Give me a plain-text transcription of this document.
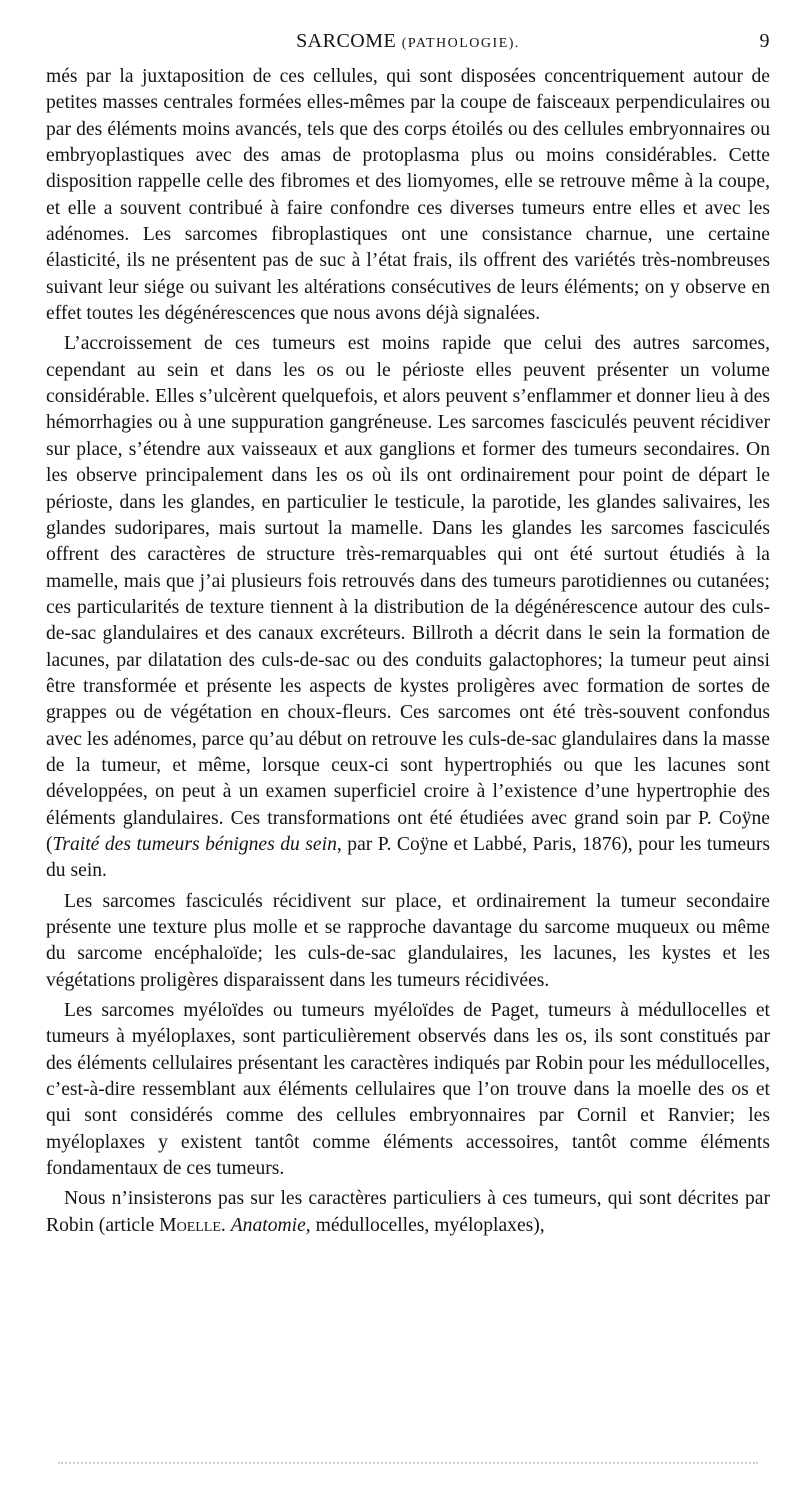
SARCOME (PATHOLOGIE).	9

més par la juxtaposition de ces cellules, qui sont disposées concentriquement autour de petites masses centrales formées elles-mêmes par la coupe de faisceaux perpendiculaires ou par des éléments moins avancés, tels que des corps étoilés ou des cellules embryonnaires ou embryoplastiques avec des amas de protoplasma plus ou moins considérables. Cette disposition rappelle celle des fibromes et des liomyomes, elle se retrouve même à la coupe, et elle a souvent contribué à faire confondre ces diverses tumeurs entre elles et avec les adénomes. Les sarcomes fibroplastiques ont une consistance charnue, une certaine élasticité, ils ne présentent pas de suc à l’état frais, ils offrent des variétés très-nombreuses suivant leur siége ou suivant les altérations consécutives de leurs éléments; on y observe en effet toutes les dégénérescences que nous avons déjà signalées.

L’accroissement de ces tumeurs est moins rapide que celui des autres sarcomes, cependant au sein et dans les os ou le périoste elles peuvent présenter un volume considérable. Elles s’ulcèrent quelquefois, et alors peuvent s’enflammer et donner lieu à des hémorrhagies ou à une suppuration gangréneuse. Les sarcomes fasciculés peuvent récidiver sur place, s’étendre aux vaisseaux et aux ganglions et former des tumeurs secondaires. On les observe principalement dans les os où ils ont ordinairement pour point de départ le périoste, dans les glandes, en particulier le testicule, la parotide, les glandes salivaires, les glandes sudoripares, mais surtout la mamelle. Dans les glandes les sarcomes fasciculés offrent des caractères de structure très-remarquables qui ont été surtout étudiés à la mamelle, mais que j’ai plusieurs fois retrouvés dans des tumeurs parotidiennes ou cutanées; ces particularités de texture tiennent à la distribution de la dégénérescence autour des culs-de-sac glandulaires et des canaux excréteurs. Billroth a décrit dans le sein la formation de lacunes, par dilatation des culs-de-sac ou des conduits galactophores; la tumeur peut ainsi être transformée et présente les aspects de kystes proligères avec formation de sortes de grappes ou de végétation en choux-fleurs. Ces sarcomes ont été très-souvent confondus avec les adénomes, parce qu’au début on retrouve les culs-de-sac glandulaires dans la masse de la tumeur, et même, lorsque ceux-ci sont hypertrophiés ou que les lacunes sont développées, on peut à un examen superficiel croire à l’existence d’une hypertrophie des éléments glandulaires. Ces transformations ont été étudiées avec grand soin par P. Coÿne (Traité des tumeurs bénignes du sein, par P. Coÿne et Labbé, Paris, 1876), pour les tumeurs du sein.

Les sarcomes fasciculés récidivent sur place, et ordinairement la tumeur secondaire présente une texture plus molle et se rapproche davantage du sarcome muqueux ou même du sarcome encéphaloïde; les culs-de-sac glandulaires, les lacunes, les kystes et les végétations proligères disparaissent dans les tumeurs récidivées.

Les sarcomes myéloïdes ou tumeurs myéloïdes de Paget, tumeurs à médullocelles et tumeurs à myéloplaxes, sont particulièrement observés dans les os, ils sont constitués par des éléments cellulaires présentant les caractères indiqués par Robin pour les médullocelles, c’est-à-dire ressemblant aux éléments cellulaires que l’on trouve dans la moelle des os et qui sont considérés comme des cellules embryonnaires par Cornil et Ranvier; les myéloplaxes y existent tantôt comme éléments accessoires, tantôt comme éléments fondamentaux de ces tumeurs.

Nous n’insisterons pas sur les caractères particuliers à ces tumeurs, qui sont décrites par Robin (article Moelle. Anatomie, médullocelles, myéloplaxes),
